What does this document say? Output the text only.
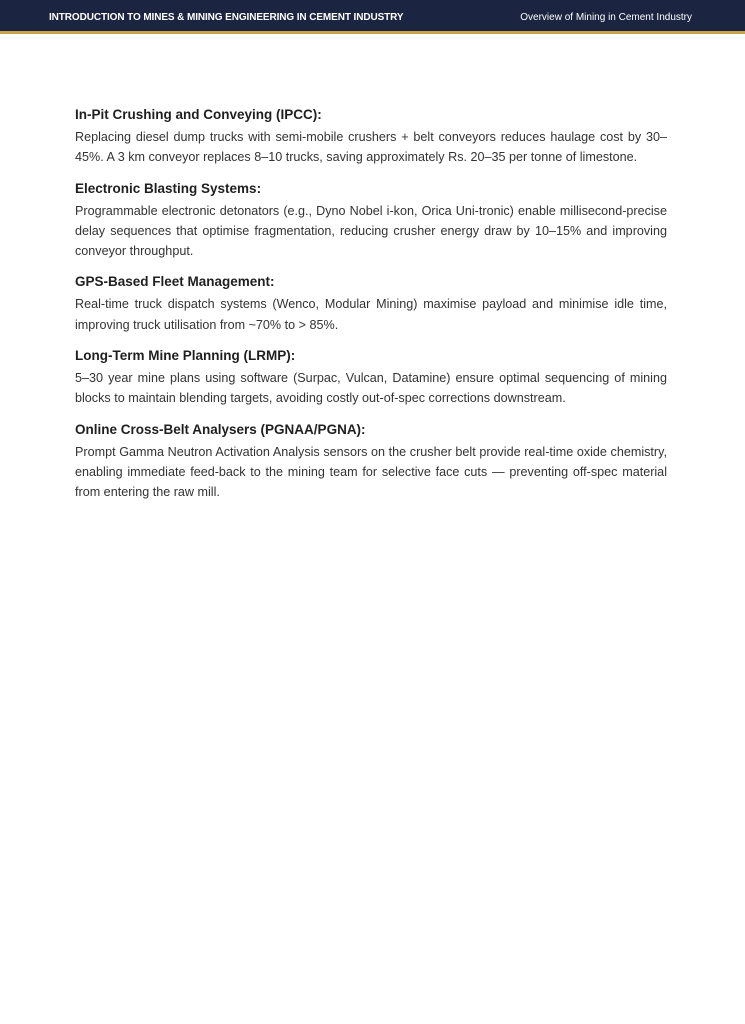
INTRODUCTION TO MINES & MINING ENGINEERING IN CEMENT INDUSTRY	Overview of Mining in Cement Industry
In-Pit Crushing and Conveying (IPCC):

Replacing diesel dump trucks with semi-mobile crushers + belt conveyors reduces haulage cost by 30–45%. A 3 km conveyor replaces 8–10 trucks, saving approximately Rs. 20–35 per tonne of limestone.

Electronic Blasting Systems:

Programmable electronic detonators (e.g., Dyno Nobel i-kon, Orica Uni-tronic) enable millisecond-precise delay sequences that optimise fragmentation, reducing crusher energy draw by 10–15% and improving conveyor throughput.

GPS-Based Fleet Management:

Real-time truck dispatch systems (Wenco, Modular Mining) maximise payload and minimise idle time, improving truck utilisation from ~70% to > 85%.

Long-Term Mine Planning (LRMP):

5–30 year mine plans using software (Surpac, Vulcan, Datamine) ensure optimal sequencing of mining blocks to maintain blending targets, avoiding costly out-of-spec corrections downstream.

Online Cross-Belt Analysers (PGNAA/PGNA):

Prompt Gamma Neutron Activation Analysis sensors on the crusher belt provide real-time oxide chemistry, enabling immediate feed-back to the mining team for selective face cuts — preventing off-spec material from entering the raw mill.
